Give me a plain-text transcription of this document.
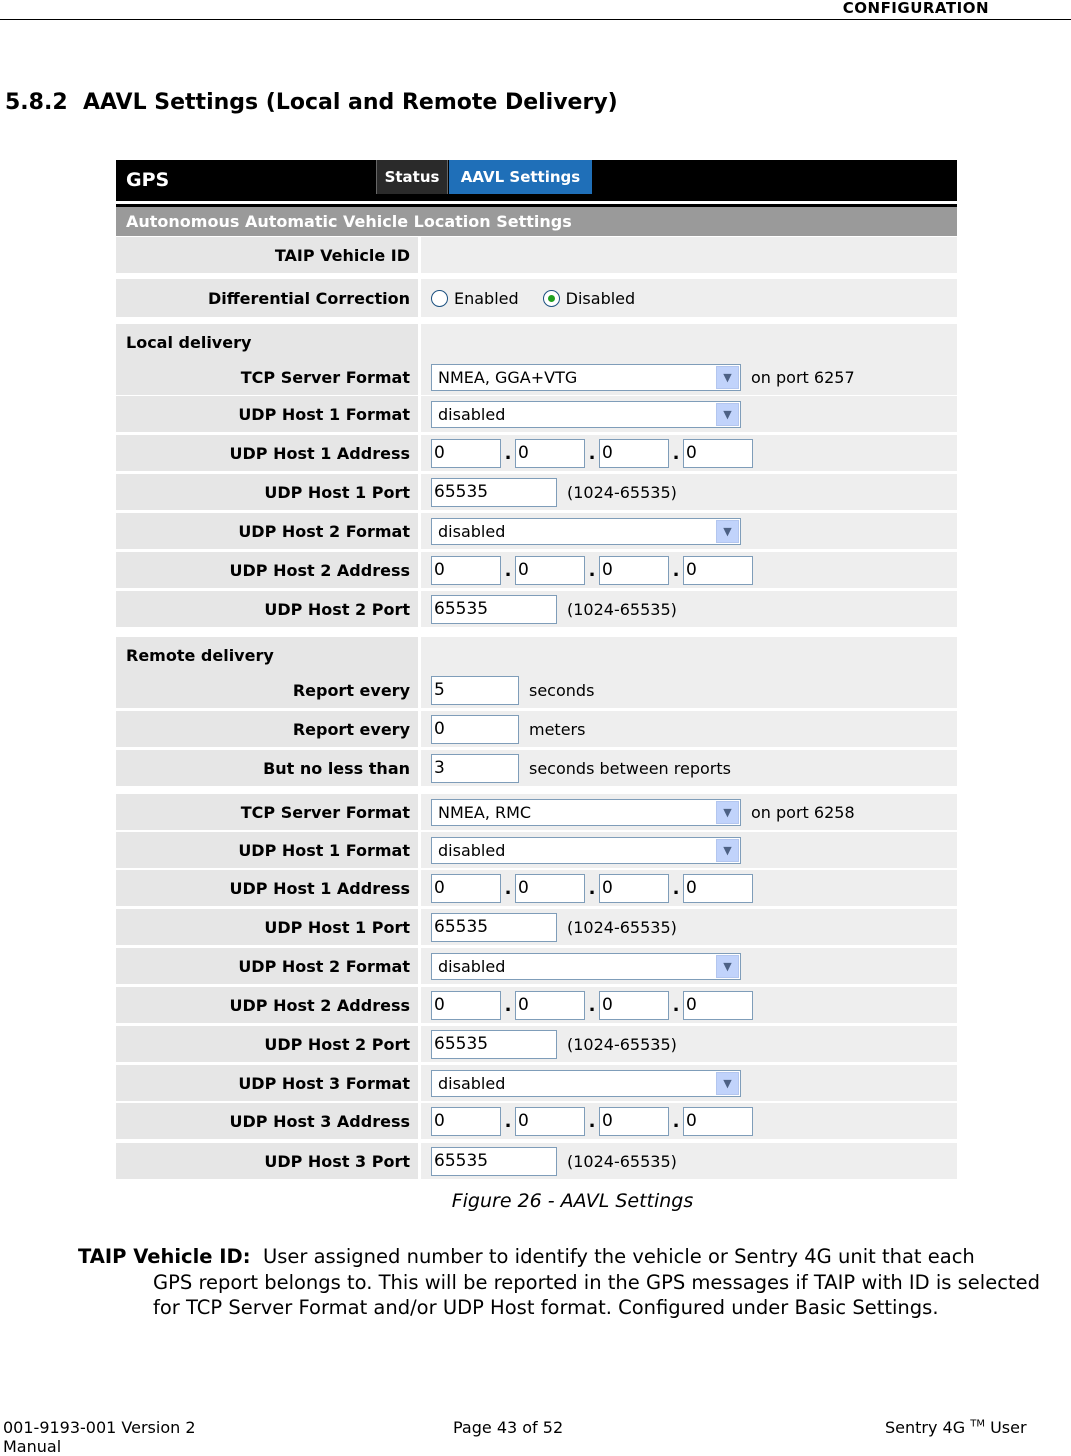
CONFIGURATION
5.8.2 AAVL Settings (Local and Remote Delivery)
GPS	Status	AAVL Settings
Autonomous Automatic Vehicle Location Settings
TAIP Vehicle ID
Differential Correction	Enabled	Disabled
Local delivery
TCP Server Format	NMEA, GGA+VTG	▼	on port 6257
UDP Host 1 Format	disabled	▼
UDP Host 1 Address	0	. 0	. 0	. 0
UDP Host 1 Port	65535	(1024-65535)
UDP Host 2 Format	disabled	▼
UDP Host 2 Address	0	. 0	. 0	. 0
UDP Host 2 Port	65535	(1024-65535)
Remote delivery
Report every	5	seconds
Report every	0	meters
But no less than	3	seconds between reports
TCP Server Format	NMEA, RMC	▼	on port 6258
UDP Host 1 Format	disabled	▼
UDP Host 1 Address	0	. 0	. 0	. 0
UDP Host 1 Port	65535	(1024-65535)
UDP Host 2 Format	disabled	▼
UDP Host 2 Address	0	. 0	. 0	. 0
UDP Host 2 Port	65535	(1024-65535)
UDP Host 3 Format	disabled	▼
UDP Host 3 Address	0	. 0	. 0	. 0
UDP Host 3 Port	65535	(1024-65535)
Figure 26 - AAVL Settings
TAIP Vehicle ID: User assigned number to identify the vehicle or Sentry 4G unit that each
GPS report belongs to. This will be reported in the GPS messages if TAIP with ID is selected for TCP Server Format and/or UDP Host format. Configured under Basic Settings.
001-9193-001 Version 2
Manual
Page 43 of 52	Sentry 4G ™ User
